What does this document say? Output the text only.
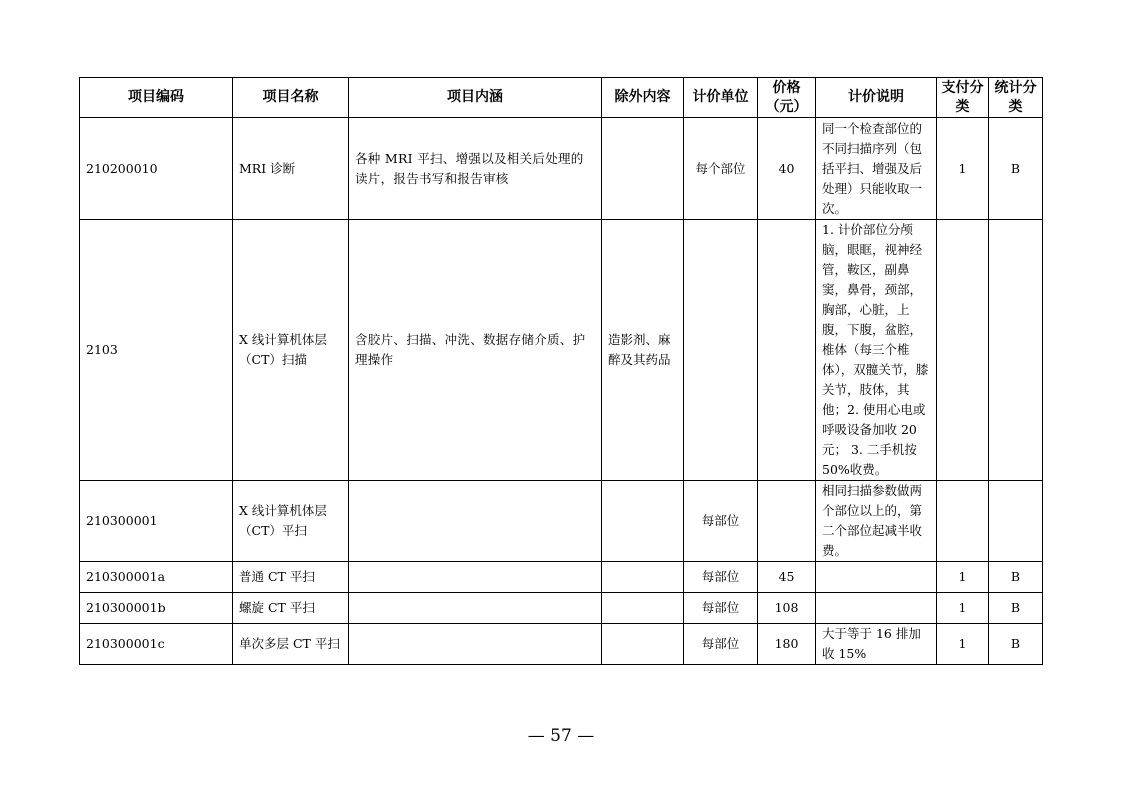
项目编码	项目名称	项目内涵	除外内容	计价单位	价格（元）	计价说明	支付分类	统计分类
210200010	MRI 诊断	各种 MRI 平扫、增强以及相关后处理的读片，报告书写和报告审核		每个部位	40	同一个检查部位的不同扫描序列（包括平扫、增强及后处理）只能收取一次。	1	B
2103	X 线计算机体层（CT）扫描	含胶片、扫描、冲洗、数据存储介质、护理操作	造影剂、麻醉及其药品			1. 计价部位分颅脑，眼眶，视神经管，鞍区，副鼻窦，鼻骨，颈部，胸部，心脏，上腹，下腹，盆腔，椎体（每三个椎体），双髋关节，膝关节，肢体，其他；2. 使用心电或呼吸设备加收 20 元； 3. 二手机按 50%收费。		
210300001	X 线计算机体层（CT）平扫			每部位		相同扫描参数做两个部位以上的，第二个部位起减半收费。		
210300001a	普通 CT 平扫			每部位	45		1	B
210300001b	螺旋 CT 平扫			每部位	108		1	B
210300001c	单次多层 CT 平扫			每部位	180	大于等于 16 排加收 15%	1	B
— 57 —
